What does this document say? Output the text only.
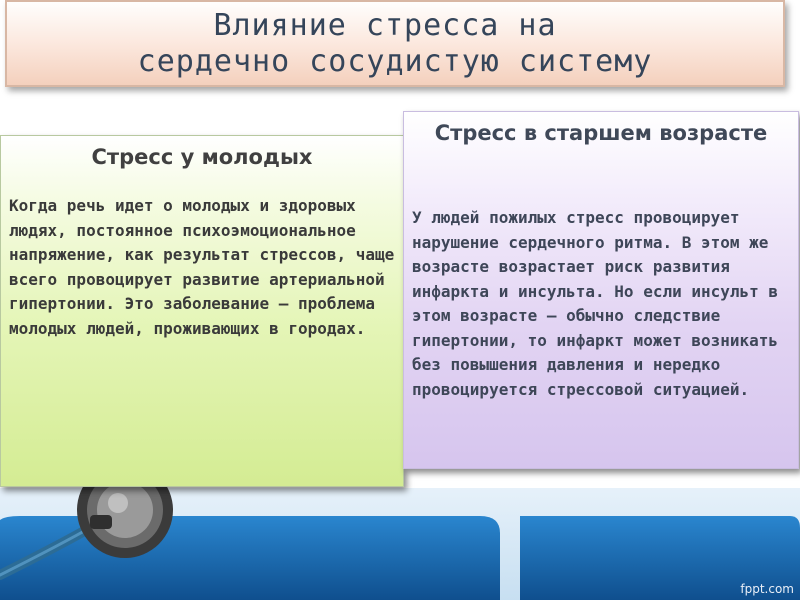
Влияние стресса на
сердечно сосудистую систему
Стресс у молодых
Когда речь идет о молодых и здоровых людях, постоянное психоэмоциональное напряжение, как результат стрессов, чаще всего провоцирует развитие артериальной гипертонии. Это заболевание – проблема молодых людей, проживающих в городах.
Стресс в старшем возрасте
У людей пожилых стресс провоцирует нарушение сердечного ритма. В этом же возрасте возрастает риск развития инфаркта и инсульта. Но если инсульт в этом возрасте – обычно следствие гипертонии, то инфаркт может возникать без повышения давления и нередко провоцируется стрессовой ситуацией.
fppt.com
